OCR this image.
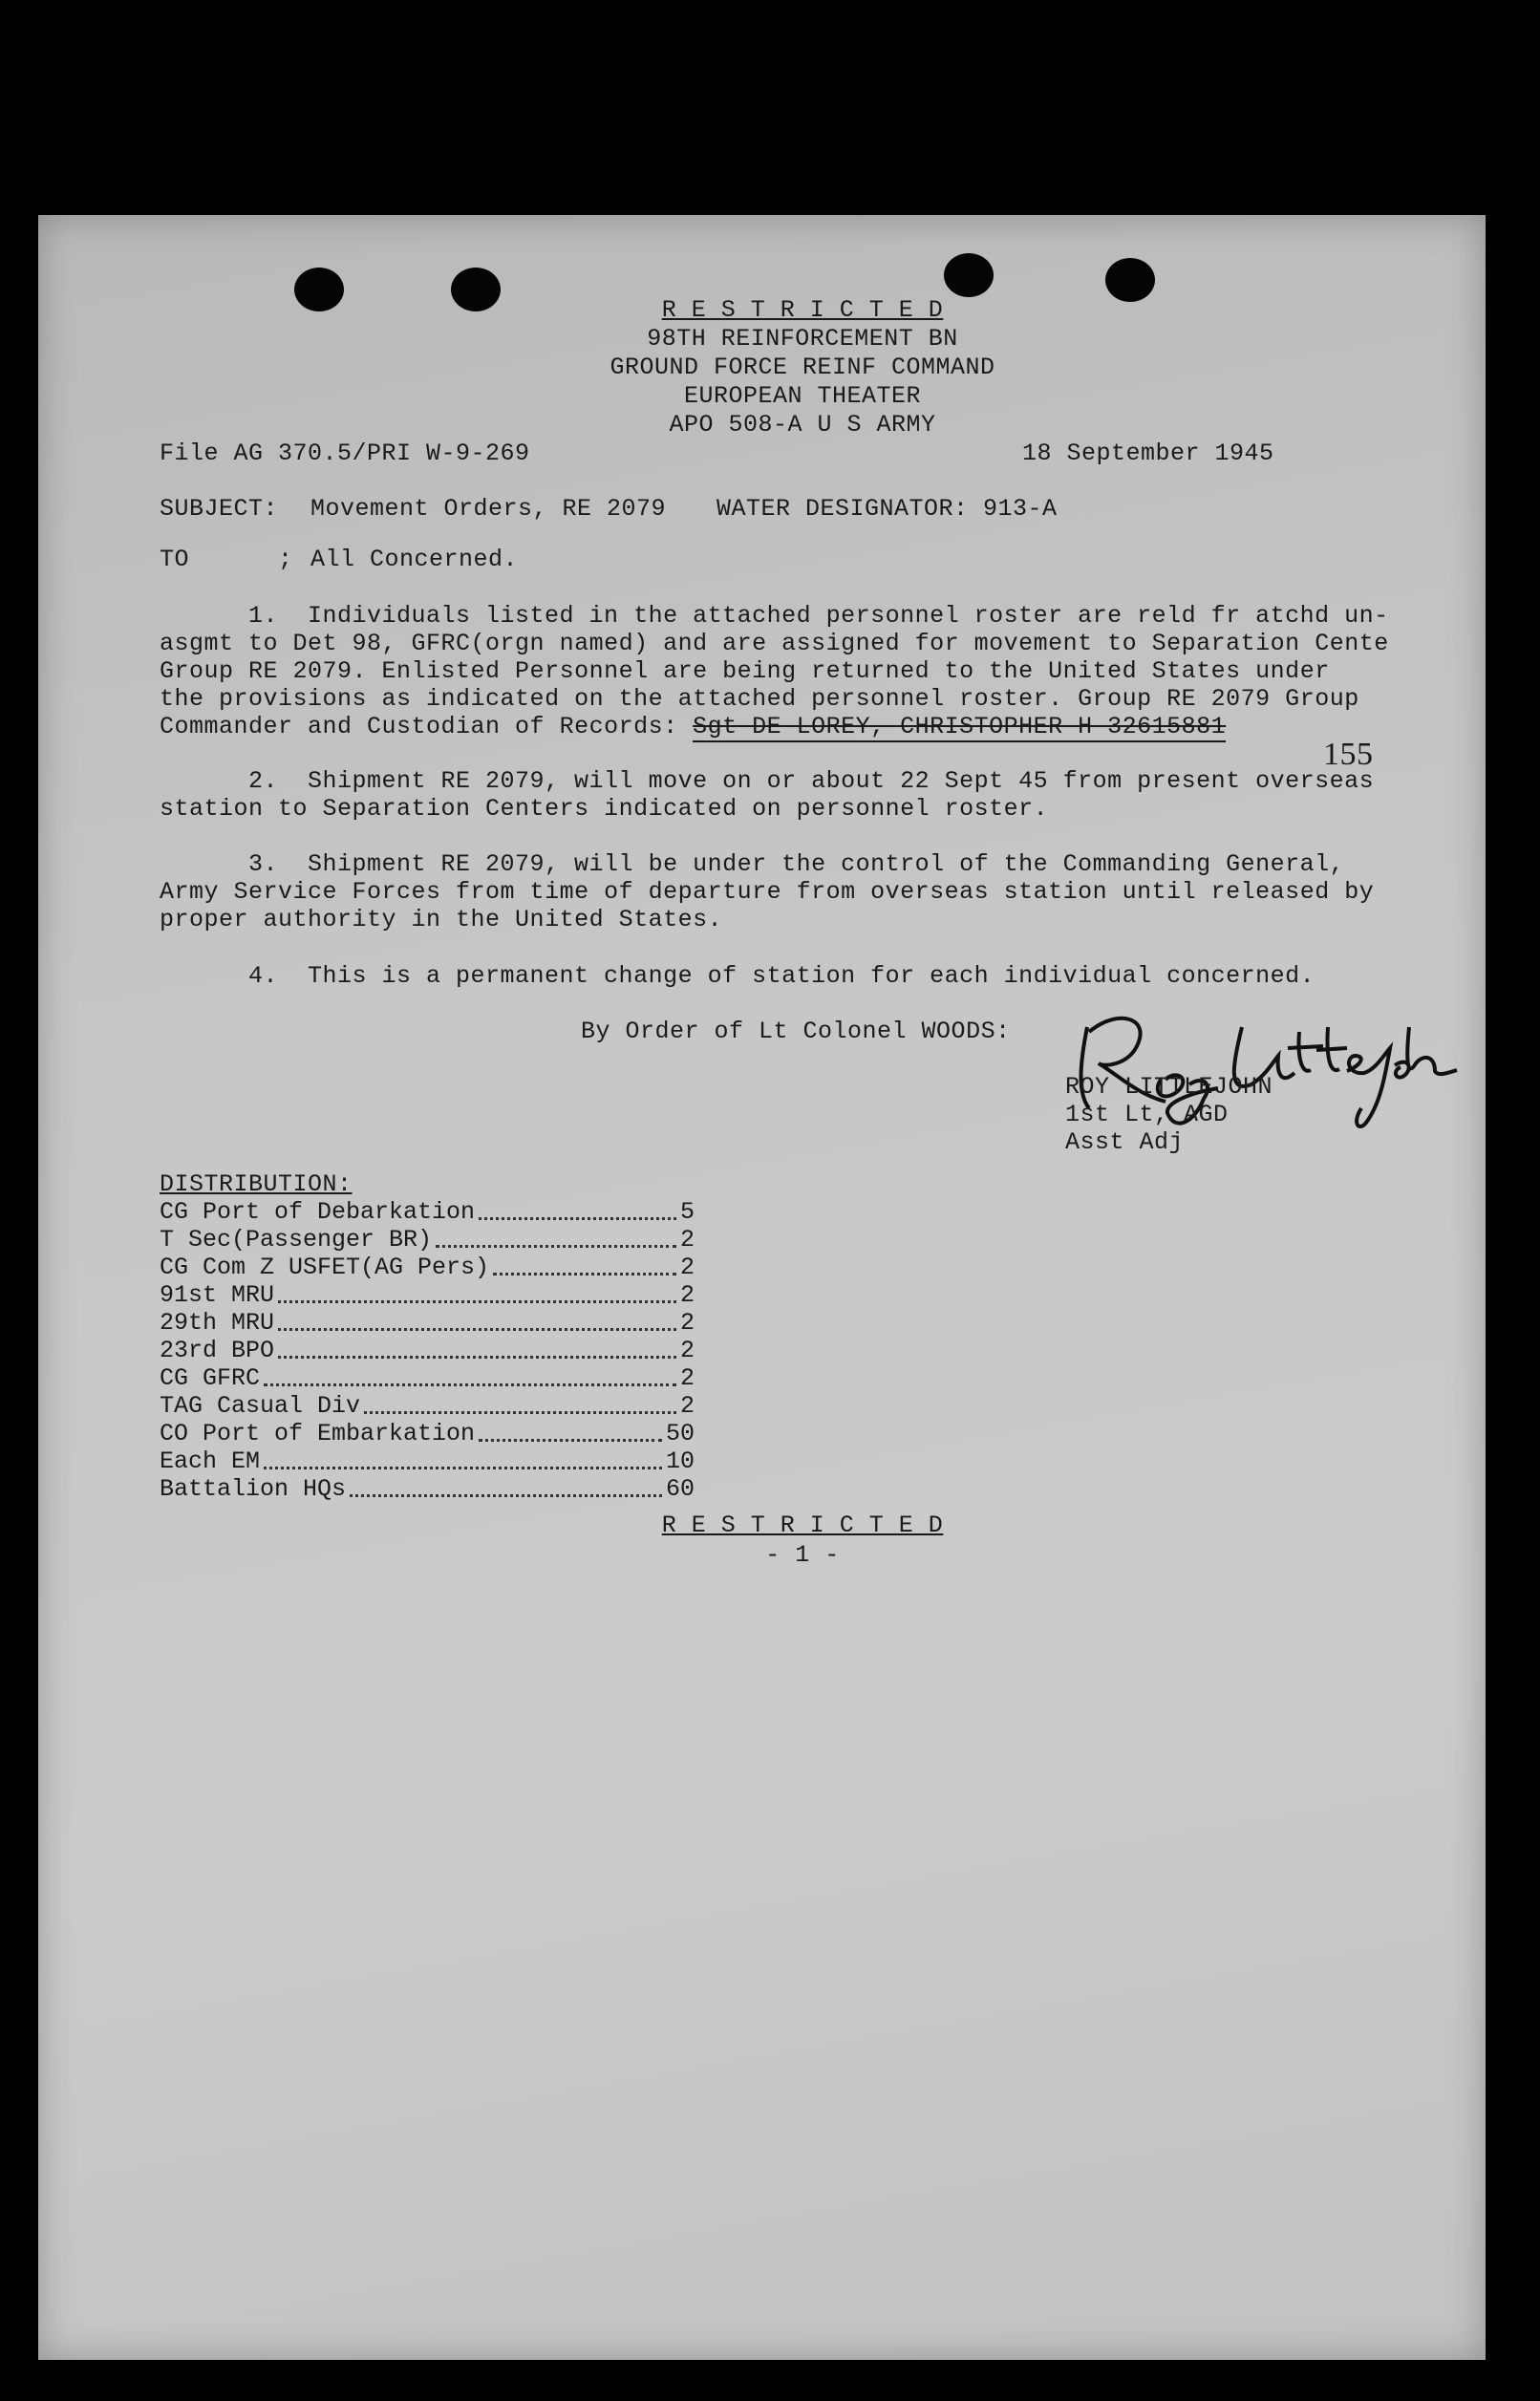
R E S T R I C T E D
98TH REINFORCEMENT BN
GROUND FORCE REINF COMMAND
EUROPEAN THEATER
APO 508-A U S ARMY
File AG 370.5/PRI W-9-269	18 September 1945
SUBJECT: Movement Orders, RE 2079 WATER DESIGNATOR: 913-A
TO      ; All Concerned.
1.  Individuals listed in the attached personnel roster are reld fr atchd un-
asgmt to Det 98, GFRC(orgn named) and are assigned for movement to Separation Cente
Group RE 2079. Enlisted Personnel are being returned to the United States under
the provisions as indicated on the attached personnel roster. Group RE 2079 Group
Commander and Custodian of Records: Sgt DE LOREY, CHRISTOPHER H 32615881
155
2.  Shipment RE 2079, will move on or about 22 Sept 45 from present overseas
station to Separation Centers indicated on personnel roster.
3.  Shipment RE 2079, will be under the control of the Commanding General,
Army Service Forces from time of departure from overseas station until released by
proper authority in the United States.
4.  This is a permanent change of station for each individual concerned.
By Order of Lt Colonel WOODS:
ROY LITTLEJOHN
1st Lt, AGD
Asst Adj
DISTRIBUTION:
CG Port of Debarkation	5
T Sec(Passenger BR)	2
CG Com Z USFET(AG Pers)	2
91st MRU	2
29th MRU	2
23rd BPO	2
CG GFRC	2
TAG Casual Div	2
CO Port of Embarkation	50
Each EM	10
Battalion HQs	60
R E S T R I C T E D
- 1 -
